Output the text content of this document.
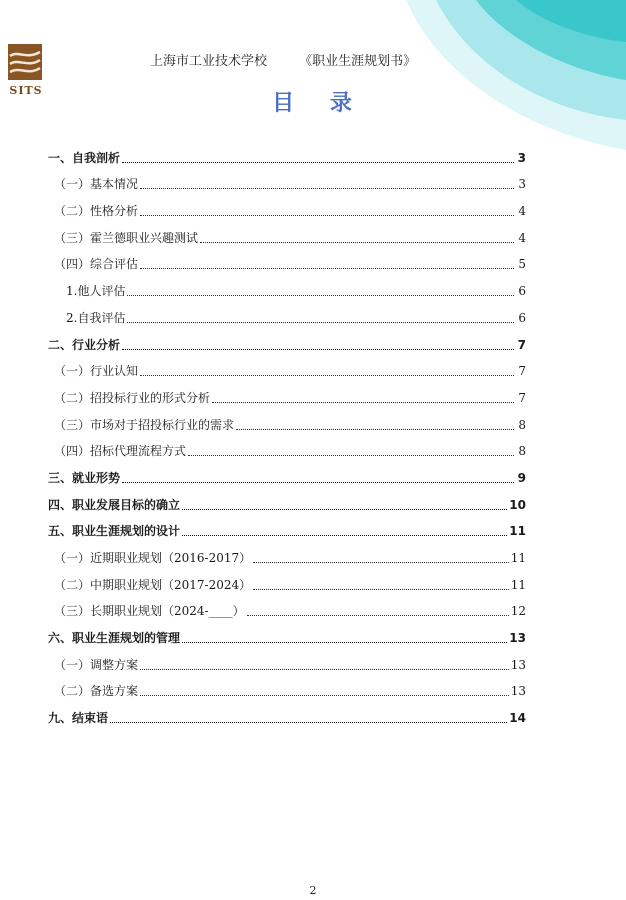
SITS
上海市工业技术学校 《职业生涯规划书》
目 录
一、自我剖析	3
（一）基本情况	3
（二）性格分析	4
（三）霍兰德职业兴趣测试	4
（四）综合评估	5
1.他人评估	6
2.自我评估	6
二、行业分析	7
（一）行业认知	7
（二）招投标行业的形式分析	7
（三）市场对于招投标行业的需求	8
（四）招标代理流程方式	8
三、就业形势	9
四、职业发展目标的确立	10
五、职业生涯规划的设计	11
（一）近期职业规划（2016-2017）	11
（二）中期职业规划（2017-2024）	11
（三）长期职业规划（2024-____）	12
六、职业生涯规划的管理	13
（一）调整方案	13
（二）备选方案	13
九、结束语	14
2
